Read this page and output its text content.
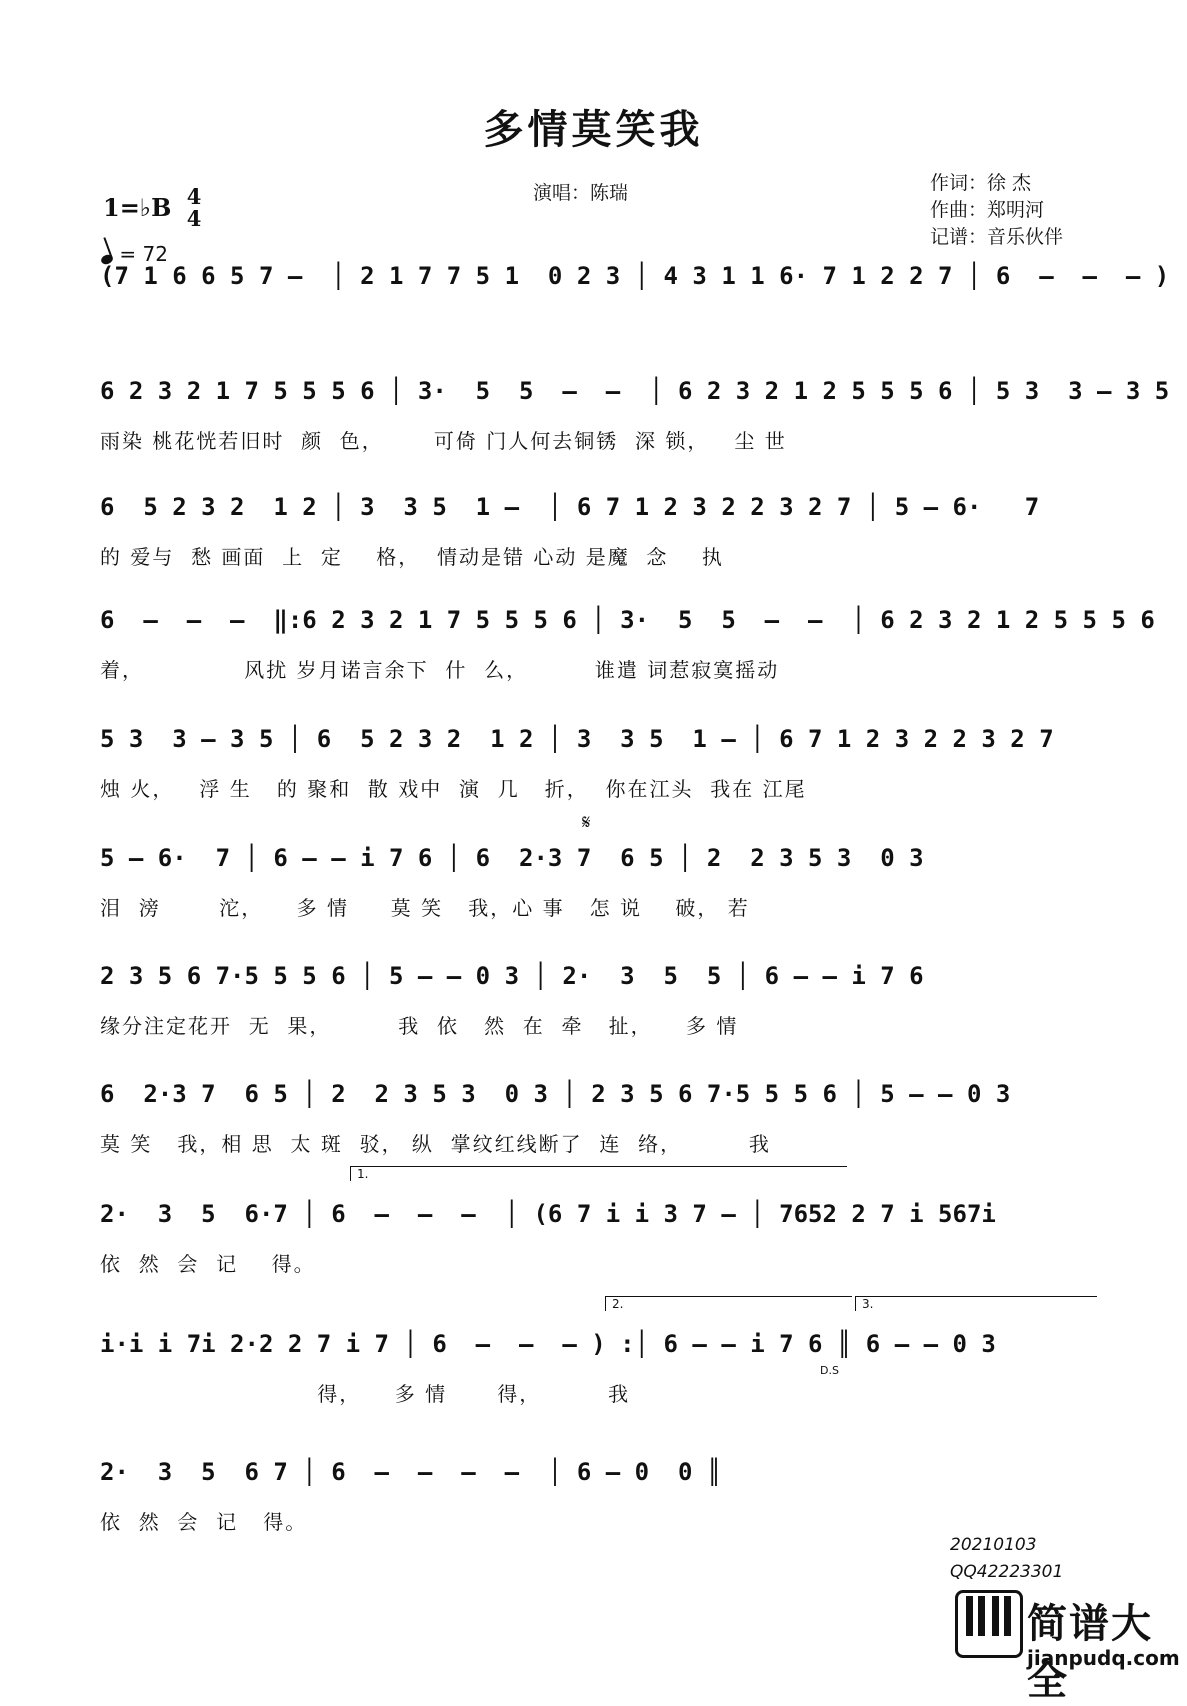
多情莫笑我
1=♭B 4
4
= 72
演唱：陈瑞	作词：徐 杰
作曲：郑明河
记谱：音乐伙伴
(7 1 6 6 5 7 –  │ 2 1 7 7 5 1  0 2 3 │ 4 3 1 1 6· 7 1 2 2 7 │ 6  –  –  – )
6 2 3 2 1 7 5 5 5 6 │ 3·  5  5  –  –  │ 6 2 3 2 1 2 5 5 5 6 │ 5 3  3 – 3 5
雨染 桃花恍若旧时  颜  色，      可倚 门人何去铜锈  深 锁，   尘 世
6  5 2 3 2  1 2 │ 3  3 5  1 –  │ 6 7 1 2 3 2 2 3 2 7 │ 5 – 6·   7
的 爱与  愁 画面  上  定    格，  情动是错 心动 是魔  念    执
6  –  –  –  ‖:6 2 3 2 1 7 5 5 5 6 │ 3·  5  5  –  –  │ 6 2 3 2 1 2 5 5 5 6
着，            风扰 岁月诺言余下  什  么，        谁遣 词惹寂寞摇动
5 3  3 – 3 5 │ 6  5 2 3 2  1 2 │ 3  3 5  1 – │ 6 7 1 2 3 2 2 3 2 7
烛 火，   浮 生   的 聚和  散 戏中  演  几   折，  你在江头  我在 江尾
𝄋
5 – 6·  7 │ 6 – – i 7 6 │ 6  2·3 7  6 5 │ 2  2 3 5 3  0 3
泪  滂       沱，    多 情     莫 笑   我，心 事   怎 说    破， 若
2 3 5 6 7·5 5 5 6 │ 5 – – 0 3 │ 2·  3  5  5 │ 6 – – i 7 6
缘分注定花开  无  果，        我  依   然  在  牵   扯，    多 情
6  2·3 7  6 5 │ 2  2 3 5 3  0 3 │ 2 3 5 6 7·5 5 5 6 │ 5 – – 0 3
莫 笑   我，相 思  太 斑  驳， 纵  掌纹红线断了  连  络，        我
1.
2·  3  5  6·7 │ 6  –  –  –  │ (6 7 i i 3 7 – │ 7652 2 7 i 567i
依  然  会  记    得。
2.	3.
D.S
i·i i 7i 2·2 2 7 i 7 │ 6  –  –  – ) :│ 6 – – i 7 6 ║ 6 – – 0 3
得，    多 情      得，        我
2·  3  5  6 7 │ 6  –  –  –  –  │ 6 – 0  0 ║
依  然  会  记   得。
20210103
QQ42223301
简谱大全
jianpudq.com
